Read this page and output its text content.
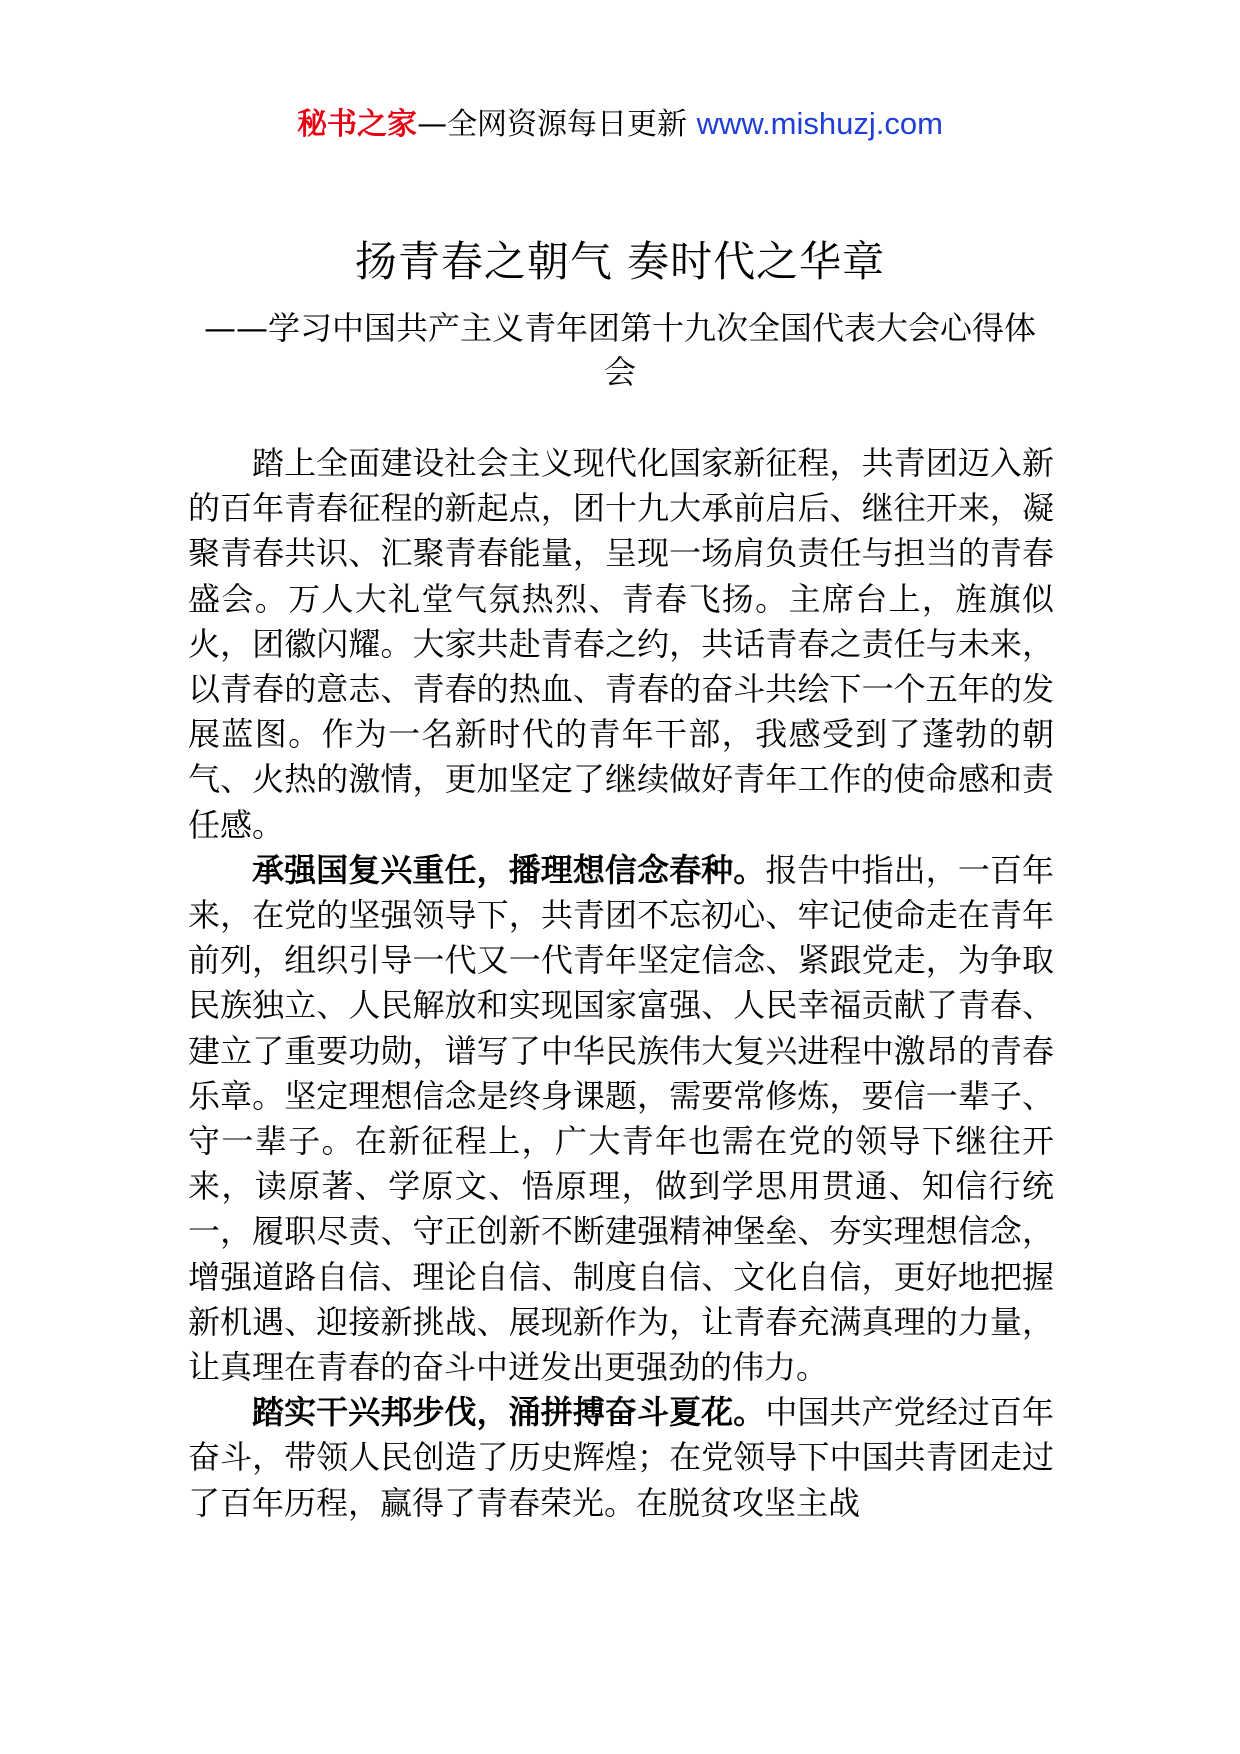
秘书之家—全网资源每日更新 www.mishuzj.com
扬青春之朝气 奏时代之华章
——学习中国共产主义青年团第十九次全国代表大会心得体会

踏上全面建设社会主义现代化国家新征程，共青团迈入新的百年青春征程的新起点，团十九大承前启后、继往开来，凝聚青春共识、汇聚青春能量，呈现一场肩负责任与担当的青春盛会。万人大礼堂气氛热烈、青春飞扬。主席台上，旌旗似火，团徽闪耀。大家共赴青春之约，共话青春之责任与未来，以青春的意志、青春的热血、青春的奋斗共绘下一个五年的发展蓝图。作为一名新时代的青年干部，我感受到了蓬勃的朝气、火热的激情，更加坚定了继续做好青年工作的使命感和责任感。

承强国复兴重任，播理想信念春种。报告中指出，一百年来，在党的坚强领导下，共青团不忘初心、牢记使命走在青年前列，组织引导一代又一代青年坚定信念、紧跟党走，为争取民族独立、人民解放和实现国家富强、人民幸福贡献了青春、建立了重要功勋，谱写了中华民族伟大复兴进程中激昂的青春乐章。坚定理想信念是终身课题，需要常修炼，要信一辈子、守一辈子。在新征程上，广大青年也需在党的领导下继往开来，读原著、学原文、悟原理，做到学思用贯通、知信行统一，履职尽责、守正创新不断建强精神堡垒、夯实理想信念，增强道路自信、理论自信、制度自信、文化自信，更好地把握新机遇、迎接新挑战、展现新作为，让青春充满真理的力量，让真理在青春的奋斗中迸发出更强劲的伟力。

踏实干兴邦步伐，涌拼搏奋斗夏花。中国共产党经过百年奋斗，带领人民创造了历史辉煌；在党领导下中国共青团走过了百年历程，赢得了青春荣光。在脱贫攻坚主战
